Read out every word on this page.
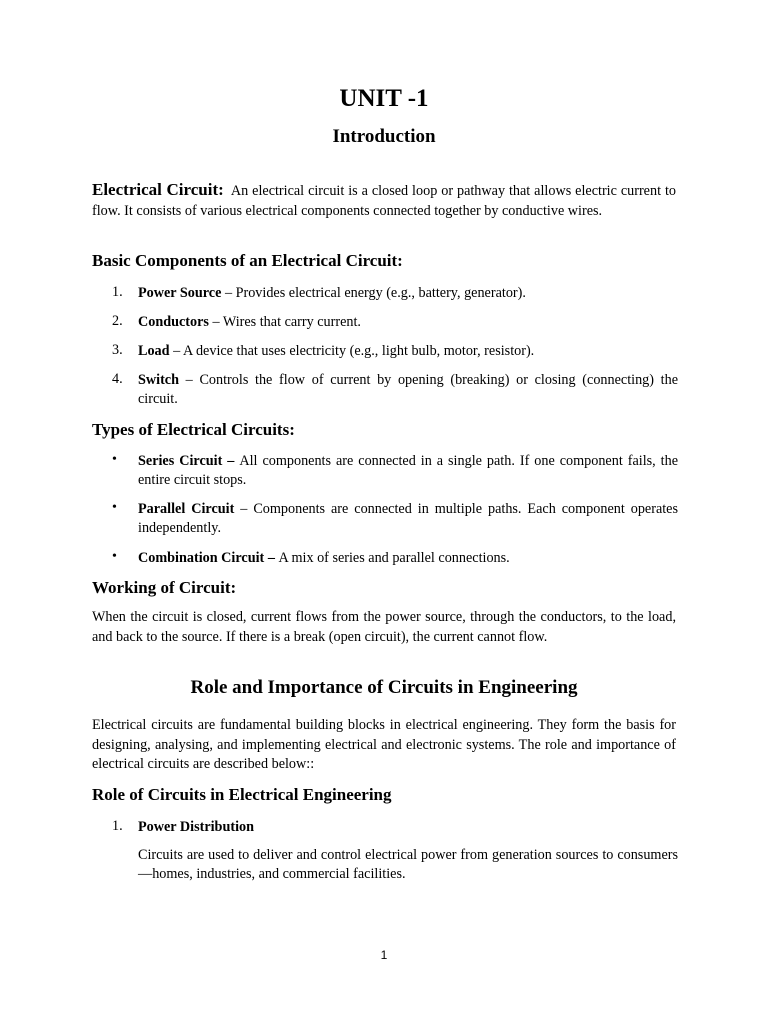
UNIT -1
Introduction

Electrical Circuit: An electrical circuit is a closed loop or pathway that allows electric current to flow. It consists of various electrical components connected together by conductive wires.

Basic Components of an Electrical Circuit:
1.	Power Source – Provides electrical energy (e.g., battery, generator).

2.	Conductors – Wires that carry current.

3.	Load – A device that uses electricity (e.g., light bulb, motor, resistor).

4.	Switch – Controls the flow of current by opening (breaking) or closing (connecting) the circuit.

Types of Electrical Circuits:
• Series Circuit – All components are connected in a single path. If one component fails, the entire circuit stops.

• Parallel Circuit – Components are connected in multiple paths. Each component operates independently.

• Combination Circuit – A mix of series and parallel connections.

Working of Circuit:

When the circuit is closed, current flows from the power source, through the conductors, to the load, and back to the source. If there is a break (open circuit), the current cannot flow.

Role and Importance of Circuits in Engineering

Electrical circuits are fundamental building blocks in electrical engineering. They form the basis for designing, analysing, and implementing electrical and electronic systems. The role and importance of electrical circuits are described below::

Role of Circuits in Electrical Engineering
1.	Power Distribution

Circuits are used to deliver and control electrical power from generation sources to consumers—homes, industries, and commercial facilities.

1
